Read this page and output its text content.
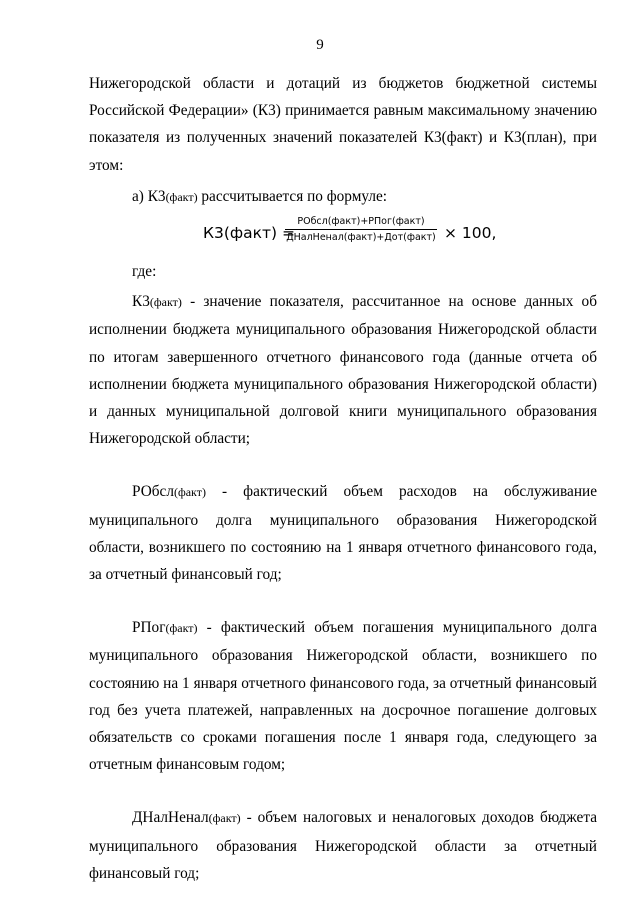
9

Нижегородской области и дотаций из бюджетов бюджетной системы Российской Федерации» (К3) принимается равным максимальному значению показателя из полученных значений показателей К3(факт) и К3(план), при этом:

а) К3(факт) рассчитывается по формуле:

К3(факт) =
РОбсл(факт)+РПог(факт)
ДНалНенал(факт)+Дот(факт) × 100,

где:

К3(факт) - значение показателя, рассчитанное на основе данных об исполнении бюджета муниципального образования Нижегородской области по итогам завершенного отчетного финансового года (данные отчета об исполнении бюджета муниципального образования Нижегородской области) и данных муниципальной долговой книги муниципального образования Нижегородской области;

РОбсл(факт) - фактический объем расходов на обслуживание муниципального долга муниципального образования Нижегородской области, возникшего по состоянию на 1 января отчетного финансового года, за отчетный финансовый год;

РПог(факт) - фактический объем погашения муниципального долга муниципального образования Нижегородской области, возникшего по состоянию на 1 января отчетного финансового года, за отчетный финансовый год без учета платежей, направленных на досрочное погашение долговых обязательств со сроками погашения после 1 января года, следующего за отчетным финансовым годом;

ДНалНенал(факт) - объем налоговых и неналоговых доходов бюджета муниципального образования Нижегородской области за отчетный финансовый год;
